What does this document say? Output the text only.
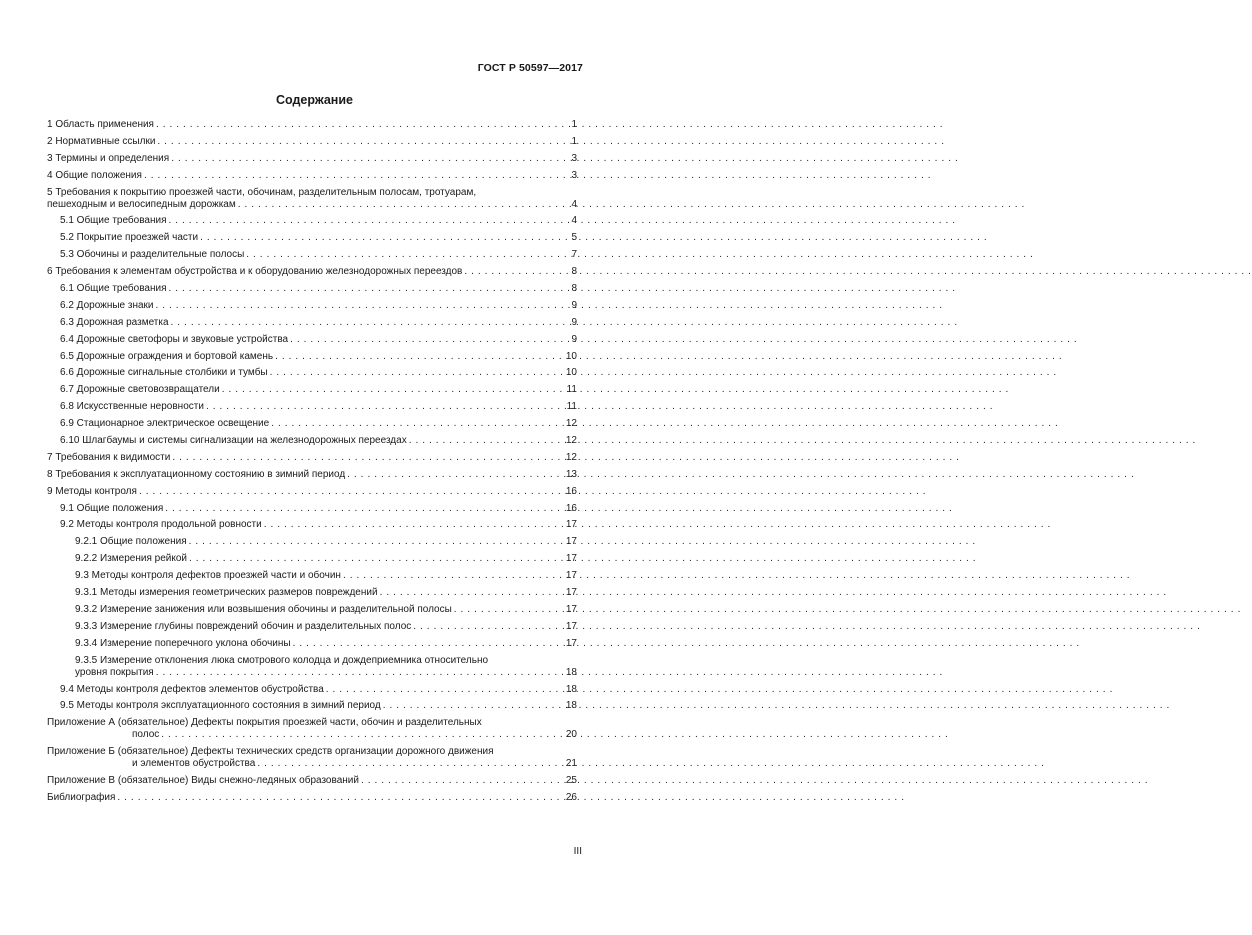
ГОСТ Р 50597—2017
Содержание
1 Область применения . . .	1
2 Нормативные ссылки . . .	1
3 Термины и определения . . .	3
4 Общие положения . . .	3
5 Требования к покрытию проезжей части, обочинам, разделительным полосам, тротуарам,
пешеходным и велосипедным дорожкам . . .	4
5.1 Общие требования . . .	4
5.2 Покрытие проезжей части . . .	5
5.3 Обочины и разделительные полосы . . .	7
6 Требования к элементам обустройства и к оборудованию железнодорожных переездов . . .	8
6.1 Общие требования . . .	8
6.2 Дорожные знаки . . .	9
6.3 Дорожная разметка . . .	9
6.4 Дорожные светофоры и звуковые устройства . . .	9
6.5 Дорожные ограждения и бортовой камень . . .	10
6.6 Дорожные сигнальные столбики и тумбы . . .	10
6.7 Дорожные световозвращатели . . .	11
6.8 Искусственные неровности . . .	11
6.9 Стационарное электрическое освещение . . .	12
6.10 Шлагбаумы и системы сигнализации на железнодорожных переездах . . .	12
7 Требования к видимости . . .	12
8 Требования к эксплуатационному состоянию в зимний период . . .	13
9 Методы контроля . . .	16
9.1 Общие положения . . .	16
9.2 Методы контроля продольной ровности . . .	17
9.2.1 Общие положения . . .	17
9.2.2 Измерения рейкой . . .	17
9.3 Методы контроля дефектов проезжей части и обочин . . .	17
9.3.1 Методы измерения геометрических размеров повреждений . . .	17
9.3.2 Измерение занижения или возвышения обочины и разделительной полосы . . .	17
9.3.3 Измерение глубины повреждений обочин и разделительных полос . . .	17
9.3.4 Измерение поперечного уклона обочины . . .	17
9.3.5 Измерение отклонения люка смотрового колодца и дождеприемника относительно
уровня покрытия . . .	18
9.4 Методы контроля дефектов элементов обустройства . . .	18
9.5 Методы контроля эксплуатационного состояния в зимний период . . .	18
Приложение А (обязательное) Дефекты покрытия проезжей части, обочин и разделительных
полос . . .	20
Приложение Б (обязательное) Дефекты технических средств организации дорожного движения
и элементов обустройства . . .	21
Приложение В (обязательное) Виды снежно-ледяных образований . . .	25
Библиография . . .	26
III
